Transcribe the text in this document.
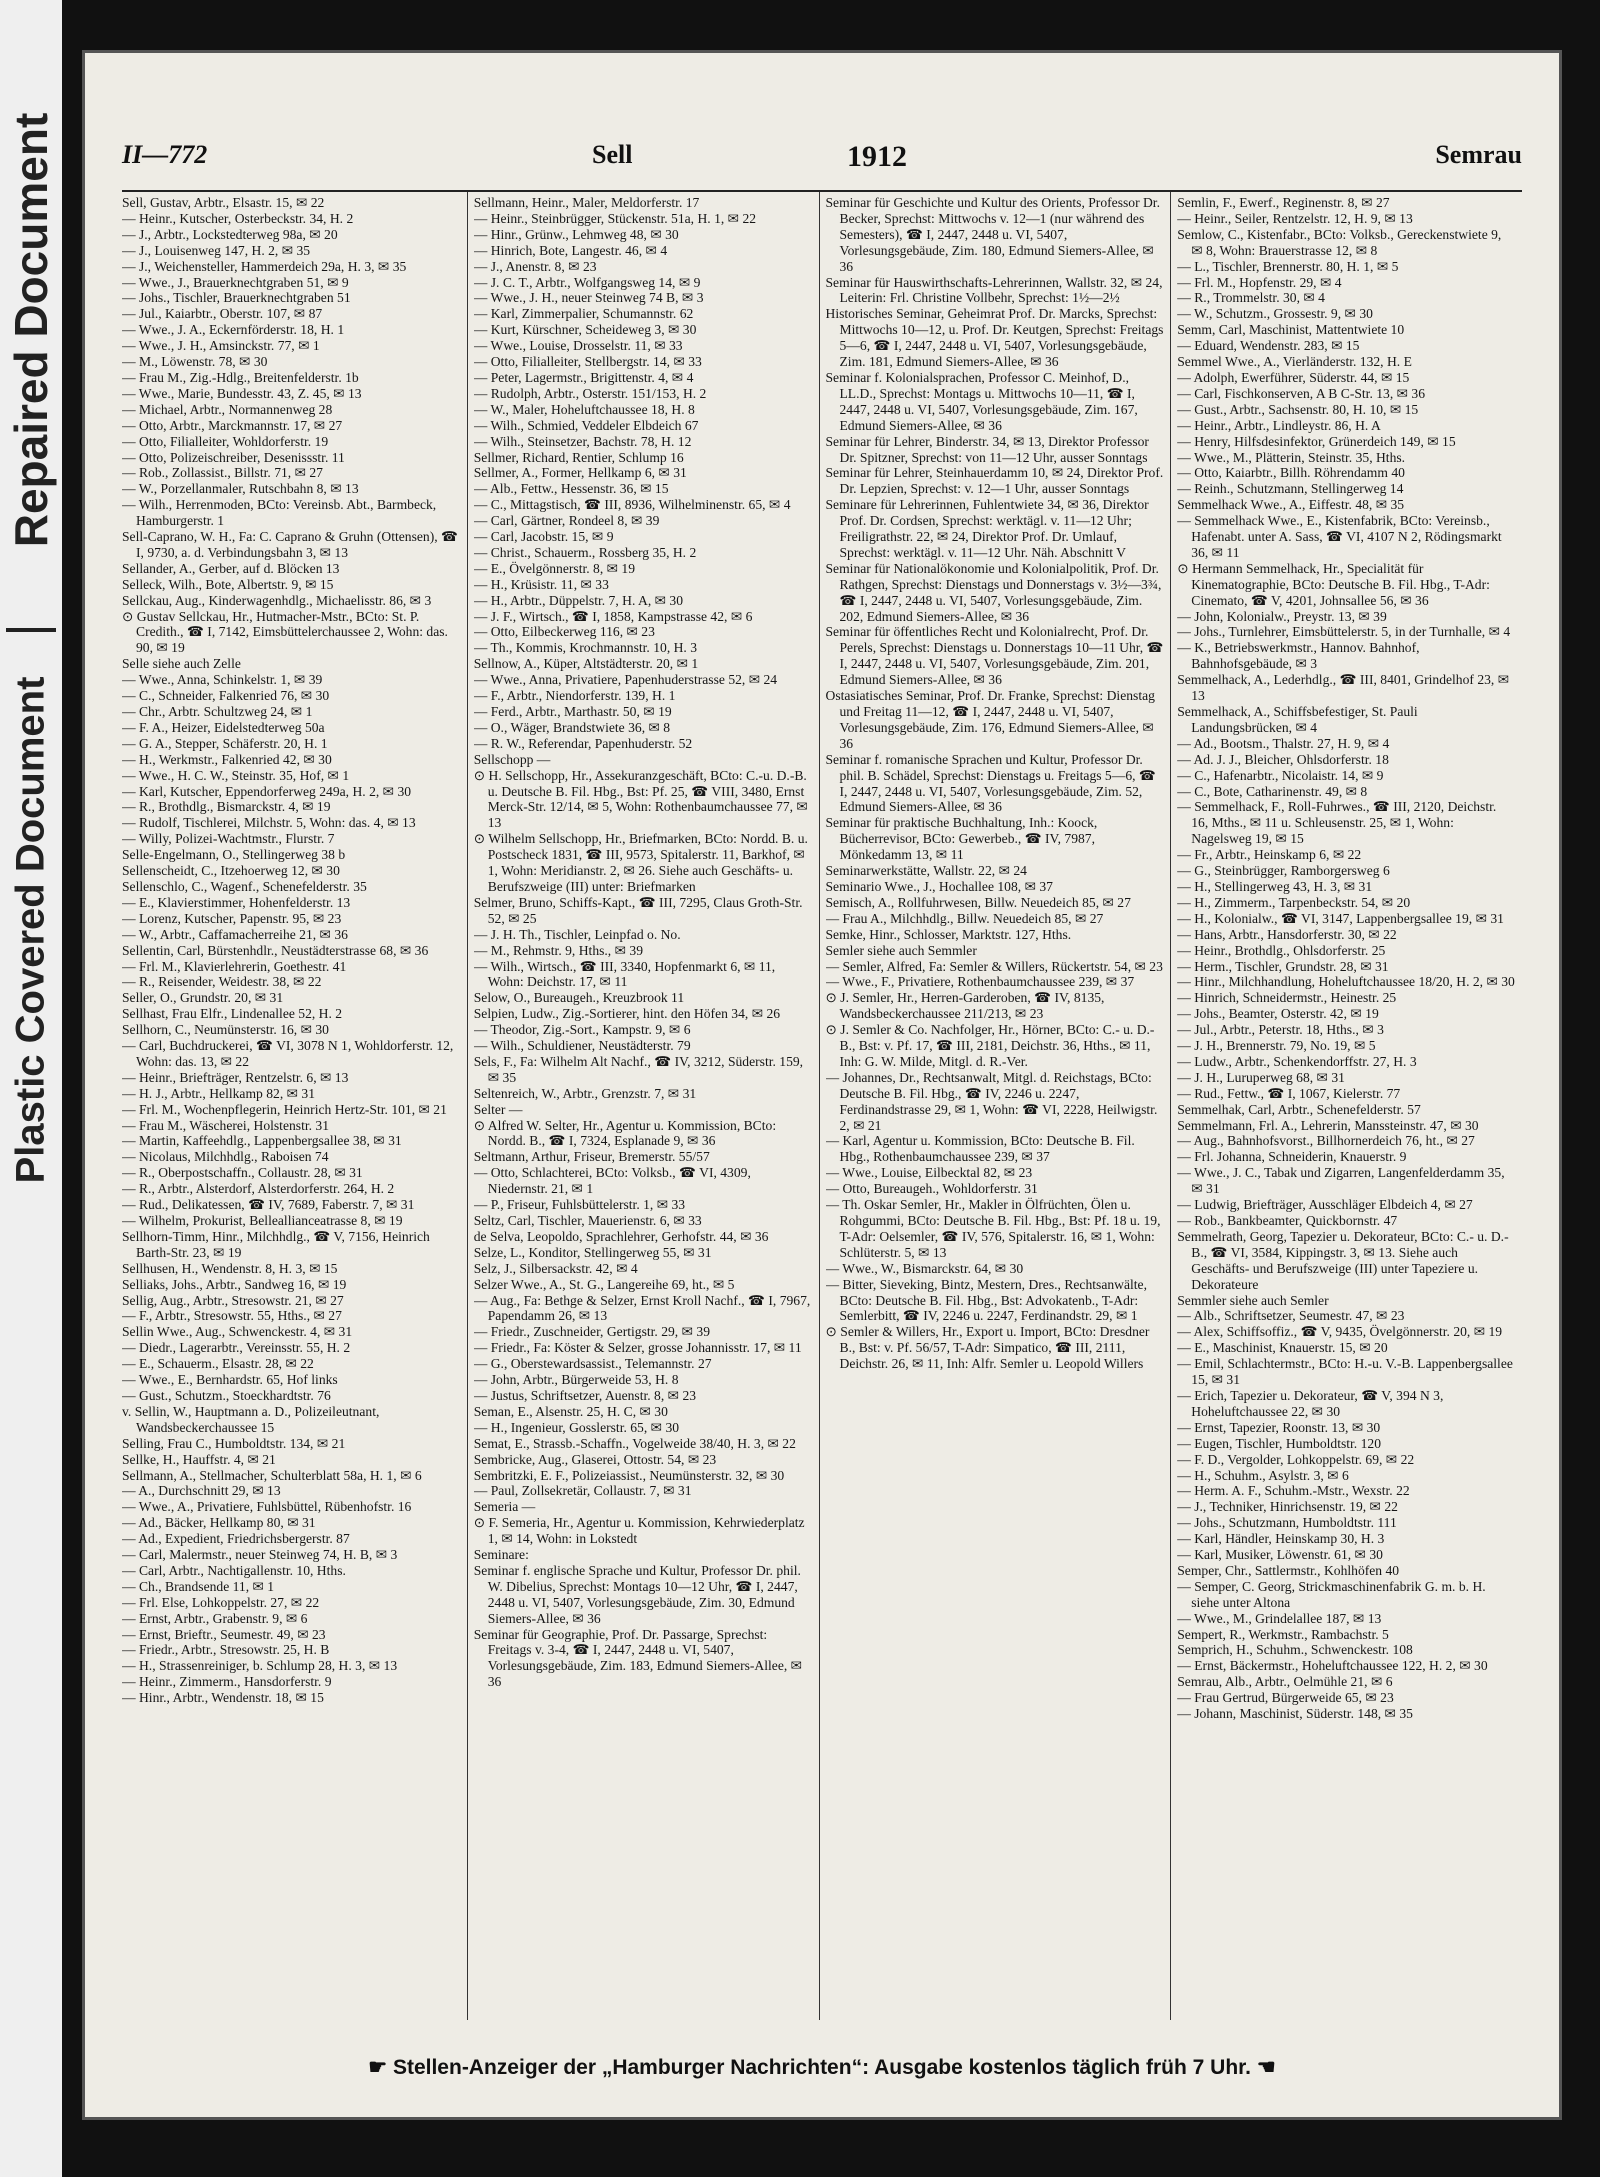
Repaired Document
Plastic Covered Document
II—772	Sell	1912	Semrau

Sell, Gustav, Arbtr., Elsastr. 15, ✉ 22

— Heinr., Kutscher, Osterbeckstr. 34, H. 2

— J., Arbtr., Lockstedterweg 98a, ✉ 20

— J., Louisenweg 147, H. 2, ✉ 35

— J., Weichensteller, Hammerdeich 29a, H. 3, ✉ 35

— Wwe., J., Brauerknechtgraben 51, ✉ 9

— Johs., Tischler, Brauerknechtgraben 51

— Jul., Kaiarbtr., Oberstr. 107, ✉ 87

— Wwe., J. A., Eckernförderstr. 18, H. 1

— Wwe., J. H., Amsinckstr. 77, ✉ 1

— M., Löwenstr. 78, ✉ 30

— Frau M., Zig.-Hdlg., Breitenfelderstr. 1b

— Wwe., Marie, Bundesstr. 43, Z. 45, ✉ 13

— Michael, Arbtr., Normannenweg 28

— Otto, Arbtr., Marckmannstr. 17, ✉ 27

— Otto, Filialleiter, Wohldorferstr. 19

— Otto, Polizeischreiber, Desenissstr. 11

— Rob., Zollassist., Billstr. 71, ✉ 27

— W., Porzellanmaler, Rutschbahn 8, ✉ 13

— Wilh., Herrenmoden, BCto: Vereinsb. Abt., Barmbeck, Hamburgerstr. 1

Sell-Caprano, W. H., Fa: C. Caprano & Gruhn (Ottensen), ☎ I, 9730, a. d. Verbindungsbahn 3, ✉ 13

Sellander, A., Gerber, auf d. Blöcken 13

Selleck, Wilh., Bote, Albertstr. 9, ✉ 15

Sellckau, Aug., Kinderwagenhdlg., Michaelisstr. 86, ✉ 3

⊙ Gustav Sellckau, Hr., Hutmacher-Mstr., BCto: St. P. Credith., ☎ I, 7142, Eimsbüttelerchaussee 2, Wohn: das. 90, ✉ 19

Selle siehe auch Zelle

— Wwe., Anna, Schinkelstr. 1, ✉ 39

— C., Schneider, Falkenried 76, ✉ 30

— Chr., Arbtr. Schultzweg 24, ✉ 1

— F. A., Heizer, Eidelstedterweg 50a

— G. A., Stepper, Schäferstr. 20, H. 1

— H., Werkmstr., Falkenried 42, ✉ 30

— Wwe., H. C. W., Steinstr. 35, Hof, ✉ 1

— Karl, Kutscher, Eppendorferweg 249a, H. 2, ✉ 30

— R., Brothdlg., Bismarckstr. 4, ✉ 19

— Rudolf, Tischlerei, Milchstr. 5, Wohn: das. 4, ✉ 13

— Willy, Polizei-Wachtmstr., Flurstr. 7

Selle-Engelmann, O., Stellingerweg 38 b

Sellenscheidt, C., Itzehoerweg 12, ✉ 30

Sellenschlo, C., Wagenf., Schenefelderstr. 35

— E., Klavierstimmer, Hohenfelderstr. 13

— Lorenz, Kutscher, Papenstr. 95, ✉ 23

— W., Arbtr., Caffamacherreihe 21, ✉ 36

Sellentin, Carl, Bürstenhdlr., Neustädterstrasse 68, ✉ 36

— Frl. M., Klavierlehrerin, Goethestr. 41

— R., Reisender, Weidestr. 38, ✉ 22

Seller, O., Grundstr. 20, ✉ 31

Sellhast, Frau Elfr., Lindenallee 52, H. 2

Sellhorn, C., Neumünsterstr. 16, ✉ 30

— Carl, Buchdruckerei, ☎ VI, 3078 N 1, Wohldorferstr. 12, Wohn: das. 13, ✉ 22

— Heinr., Briefträger, Rentzelstr. 6, ✉ 13

— H. J., Arbtr., Hellkamp 82, ✉ 31

— Frl. M., Wochenpflegerin, Heinrich Hertz-Str. 101, ✉ 21

— Frau M., Wäscherei, Holstenstr. 31

— Martin, Kaffeehdlg., Lappenbergsallee 38, ✉ 31

— Nicolaus, Milchhdlg., Raboisen 74

— R., Oberpostschaffn., Collaustr. 28, ✉ 31

— R., Arbtr., Alsterdorf, Alsterdorferstr. 264, H. 2

— Rud., Delikatessen, ☎ IV, 7689, Faberstr. 7, ✉ 31

— Wilhelm, Prokurist, Belleallianceatrasse 8, ✉ 19

Sellhorn-Timm, Hinr., Milchhdlg., ☎ V, 7156, Heinrich Barth-Str. 23, ✉ 19

Sellhusen, H., Wendenstr. 8, H. 3, ✉ 15

Selliaks, Johs., Arbtr., Sandweg 16, ✉ 19

Sellig, Aug., Arbtr., Stresowstr. 21, ✉ 27

— F., Arbtr., Stresowstr. 55, Hths., ✉ 27

Sellin Wwe., Aug., Schwenckestr. 4, ✉ 31

— Diedr., Lagerarbtr., Vereinsstr. 55, H. 2

— E., Schauerm., Elsastr. 28, ✉ 22

— Wwe., E., Bernhardstr. 65, Hof links

— Gust., Schutzm., Stoeckhardtstr. 76

v. Sellin, W., Hauptmann a. D., Polizeileutnant, Wandsbeckerchaussee 15

Selling, Frau C., Humboldtstr. 134, ✉ 21

Sellke, H., Hauffstr. 4, ✉ 21

Sellmann, A., Stellmacher, Schulterblatt 58a, H. 1, ✉ 6

— A., Durchschnitt 29, ✉ 13

— Wwe., A., Privatiere, Fuhlsbüttel, Rübenhofstr. 16

— Ad., Bäcker, Hellkamp 80, ✉ 31

— Ad., Expedient, Friedrichsbergerstr. 87

— Carl, Malermstr., neuer Steinweg 74, H. B, ✉ 3

— Carl, Arbtr., Nachtigallenstr. 10, Hths.

— Ch., Brandsende 11, ✉ 1

— Frl. Else, Lohkoppelstr. 27, ✉ 22

— Ernst, Arbtr., Grabenstr. 9, ✉ 6

— Ernst, Brieftr., Seumestr. 49, ✉ 23

— Friedr., Arbtr., Stresowstr. 25, H. B

— H., Strassenreiniger, b. Schlump 28, H. 3, ✉ 13

— Heinr., Zimmerm., Hansdorferstr. 9

— Hinr., Arbtr., Wendenstr. 18, ✉ 15

Sellmann, Heinr., Maler, Meldorferstr. 17

— Heinr., Steinbrügger, Stückenstr. 51a, H. 1, ✉ 22

— Hinr., Grünw., Lehmweg 48, ✉ 30

— Hinrich, Bote, Langestr. 46, ✉ 4

— J., Anenstr. 8, ✉ 23

— J. C. T., Arbtr., Wolfgangsweg 14, ✉ 9

— Wwe., J. H., neuer Steinweg 74 B, ✉ 3

— Karl, Zimmerpalier, Schumannstr. 62

— Kurt, Kürschner, Scheideweg 3, ✉ 30

— Wwe., Louise, Drosselstr. 11, ✉ 33

— Otto, Filialleiter, Stellbergstr. 14, ✉ 33

— Peter, Lagermstr., Brigittenstr. 4, ✉ 4

— Rudolph, Arbtr., Osterstr. 151/153, H. 2

— W., Maler, Hoheluftchaussee 18, H. 8

— Wilh., Schmied, Veddeler Elbdeich 67

— Wilh., Steinsetzer, Bachstr. 78, H. 12

Sellmer, Richard, Rentier, Schlump 16

Sellmer, A., Former, Hellkamp 6, ✉ 31

— Alb., Fettw., Hessenstr. 36, ✉ 15

— C., Mittagstisch, ☎ III, 8936, Wilhelminenstr. 65, ✉ 4

— Carl, Gärtner, Rondeel 8, ✉ 39

— Carl, Jacobstr. 15, ✉ 9

— Christ., Schauerm., Rossberg 35, H. 2

— E., Övelgönnerstr. 8, ✉ 19

— H., Krüsistr. 11, ✉ 33

— H., Arbtr., Düppelstr. 7, H. A, ✉ 30

— J. F., Wirtsch., ☎ I, 1858, Kampstrasse 42, ✉ 6

— Otto, Eilbeckerweg 116, ✉ 23

— Th., Kommis, Krochmannstr. 10, H. 3

Sellnow, A., Küper, Altstädterstr. 20, ✉ 1

— Wwe., Anna, Privatiere, Papenhuderstrasse 52, ✉ 24

— F., Arbtr., Niendorferstr. 139, H. 1

— Ferd., Arbtr., Marthastr. 50, ✉ 19

— O., Wäger, Brandstwiete 36, ✉ 8

— R. W., Referendar, Papenhuderstr. 52

Sellschopp —

⊙ H. Sellschopp, Hr., Assekuranzgeschäft, BCto: C.-u. D.-B. u. Deutsche B. Fil. Hbg., Bst: Pf. 25, ☎ VIII, 3480, Ernst Merck-Str. 12/14, ✉ 5, Wohn: Rothenbaumchaussee 77, ✉ 13

⊙ Wilhelm Sellschopp, Hr., Briefmarken, BCto: Nordd. B. u. Postscheck 1831, ☎ III, 9573, Spitalerstr. 11, Barkhof, ✉ 1, Wohn: Meridianstr. 2, ✉ 26. Siehe auch Geschäfts- u. Berufszweige (III) unter: Briefmarken

Selmer, Bruno, Schiffs-Kapt., ☎ III, 7295, Claus Groth-Str. 52, ✉ 25

— J. H. Th., Tischler, Leinpfad o. No.

— M., Rehmstr. 9, Hths., ✉ 39

— Wilh., Wirtsch., ☎ III, 3340, Hopfenmarkt 6, ✉ 11, Wohn: Deichstr. 17, ✉ 11

Selow, O., Bureaugeh., Kreuzbrook 11

Selpien, Ludw., Zig.-Sortierer, hint. den Höfen 34, ✉ 26

— Theodor, Zig.-Sort., Kampstr. 9, ✉ 6

— Wilh., Schuldiener, Neustädterstr. 79

Sels, F., Fa: Wilhelm Alt Nachf., ☎ IV, 3212, Süderstr. 159, ✉ 35

Seltenreich, W., Arbtr., Grenzstr. 7, ✉ 31

Selter —

⊙ Alfred W. Selter, Hr., Agentur u. Kommission, BCto: Nordd. B., ☎ I, 7324, Esplanade 9, ✉ 36

Seltmann, Arthur, Friseur, Bremerstr. 55/57

— Otto, Schlachterei, BCto: Volksb., ☎ VI, 4309, Niedernstr. 21, ✉ 1

— P., Friseur, Fuhlsbüttelerstr. 1, ✉ 33

Seltz, Carl, Tischler, Mauerienstr. 6, ✉ 33

de Selva, Leopoldo, Sprachlehrer, Gerhofstr. 44, ✉ 36

Selze, L., Konditor, Stellingerweg 55, ✉ 31

Selz, J., Silbersackstr. 42, ✉ 4

Selzer Wwe., A., St. G., Langereihe 69, ht., ✉ 5

— Aug., Fa: Bethge & Selzer, Ernst Kroll Nachf., ☎ I, 7967, Papendamm 26, ✉ 13

— Friedr., Zuschneider, Gertigstr. 29, ✉ 39

— Friedr., Fa: Köster & Selzer, grosse Johannisstr. 17, ✉ 11

— G., Oberstewardsassist., Telemannstr. 27

— John, Arbtr., Bürgerweide 53, H. 8

— Justus, Schriftsetzer, Auenstr. 8, ✉ 23

Seman, E., Alsenstr. 25, H. C, ✉ 30

— H., Ingenieur, Gosslerstr. 65, ✉ 30

Semat, E., Strassb.-Schaffn., Vogelweide 38/40, H. 3, ✉ 22

Sembricke, Aug., Glaserei, Ottostr. 54, ✉ 23

Sembritzki, E. F., Polizeiassist., Neumünsterstr. 32, ✉ 30

— Paul, Zollsekretär, Collaustr. 7, ✉ 31

Semeria —

⊙ F. Semeria, Hr., Agentur u. Kommission, Kehrwiederplatz 1, ✉ 14, Wohn: in Lokstedt

Seminare:

Seminar f. englische Sprache und Kultur, Professor Dr. phil. W. Dibelius, Sprechst: Montags 10—12 Uhr, ☎ I, 2447, 2448 u. VI, 5407, Vorlesungsgebäude, Zim. 30, Edmund Siemers-Allee, ✉ 36

Seminar für Geographie, Prof. Dr. Passarge, Sprechst: Freitags v. 3-4, ☎ I, 2447, 2448 u. VI, 5407, Vorlesungsgebäude, Zim. 183, Edmund Siemers-Allee, ✉ 36

Seminar für Geschichte und Kultur des Orients, Professor Dr. Becker, Sprechst: Mittwochs v. 12—1 (nur während des Semesters), ☎ I, 2447, 2448 u. VI, 5407, Vorlesungsgebäude, Zim. 180, Edmund Siemers-Allee, ✉ 36

Seminar für Hauswirthschafts-Lehrerinnen, Wallstr. 32, ✉ 24, Leiterin: Frl. Christine Vollbehr, Sprechst: 1½—2½

Historisches Seminar, Geheimrat Prof. Dr. Marcks, Sprechst: Mittwochs 10—12, u. Prof. Dr. Keutgen, Sprechst: Freitags 5—6, ☎ I, 2447, 2448 u. VI, 5407, Vorlesungsgebäude, Zim. 181, Edmund Siemers-Allee, ✉ 36

Seminar f. Kolonialsprachen, Professor C. Meinhof, D., LL.D., Sprechst: Montags u. Mittwochs 10—11, ☎ I, 2447, 2448 u. VI, 5407, Vorlesungsgebäude, Zim. 167, Edmund Siemers-Allee, ✉ 36

Seminar für Lehrer, Binderstr. 34, ✉ 13, Direktor Professor Dr. Spitzner, Sprechst: von 11—12 Uhr, ausser Sonntags

Seminar für Lehrer, Steinhauerdamm 10, ✉ 24, Direktor Prof. Dr. Lepzien, Sprechst: v. 12—1 Uhr, ausser Sonntags

Seminare für Lehrerinnen, Fuhlentwiete 34, ✉ 36, Direktor Prof. Dr. Cordsen, Sprechst: werktägl. v. 11—12 Uhr; Freiligrathstr. 22, ✉ 24, Direktor Prof. Dr. Umlauf, Sprechst: werktägl. v. 11—12 Uhr. Näh. Abschnitt V

Seminar für Nationalökonomie und Kolonialpolitik, Prof. Dr. Rathgen, Sprechst: Dienstags und Donnerstags v. 3½—3¾, ☎ I, 2447, 2448 u. VI, 5407, Vorlesungsgebäude, Zim. 202, Edmund Siemers-Allee, ✉ 36

Seminar für öffentliches Recht und Kolonialrecht, Prof. Dr. Perels, Sprechst: Dienstags u. Donnerstags 10—11 Uhr, ☎ I, 2447, 2448 u. VI, 5407, Vorlesungsgebäude, Zim. 201, Edmund Siemers-Allee, ✉ 36

Ostasiatisches Seminar, Prof. Dr. Franke, Sprechst: Dienstag und Freitag 11—12, ☎ I, 2447, 2448 u. VI, 5407, Vorlesungsgebäude, Zim. 176, Edmund Siemers-Allee, ✉ 36

Seminar f. romanische Sprachen und Kultur, Professor Dr. phil. B. Schädel, Sprechst: Dienstags u. Freitags 5—6, ☎ I, 2447, 2448 u. VI, 5407, Vorlesungsgebäude, Zim. 52, Edmund Siemers-Allee, ✉ 36

Seminar für praktische Buchhaltung, Inh.: Koock, Bücherrevisor, BCto: Gewerbeb., ☎ IV, 7987, Mönkedamm 13, ✉ 11

Seminarwerkstätte, Wallstr. 22, ✉ 24

Seminario Wwe., J., Hochallee 108, ✉ 37

Semisch, A., Rollfuhrwesen, Billw. Neuedeich 85, ✉ 27

— Frau A., Milchhdlg., Billw. Neuedeich 85, ✉ 27

Semke, Hinr., Schlosser, Marktstr. 127, Hths.

Semler siehe auch Semmler

— Semler, Alfred, Fa: Semler & Willers, Rückertstr. 54, ✉ 23

— Wwe., F., Privatiere, Rothenbaumchaussee 239, ✉ 37

⊙ J. Semler, Hr., Herren-Garderoben, ☎ IV, 8135, Wandsbeckerchaussee 211/213, ✉ 23

⊙ J. Semler & Co. Nachfolger, Hr., Hörner, BCto: C.- u. D.-B., Bst: v. Pf. 17, ☎ III, 2181, Deichstr. 36, Hths., ✉ 11, Inh: G. W. Milde, Mitgl. d. R.-Ver.

— Johannes, Dr., Rechtsanwalt, Mitgl. d. Reichstags, BCto: Deutsche B. Fil. Hbg., ☎ IV, 2246 u. 2247, Ferdinandstrasse 29, ✉ 1, Wohn: ☎ VI, 2228, Heilwigstr. 2, ✉ 21

— Karl, Agentur u. Kommission, BCto: Deutsche B. Fil. Hbg., Rothenbaumchaussee 239, ✉ 37

— Wwe., Louise, Eilbecktal 82, ✉ 23

— Otto, Bureaugeh., Wohldorferstr. 31

— Th. Oskar Semler, Hr., Makler in Ölfrüchten, Ölen u. Rohgummi, BCto: Deutsche B. Fil. Hbg., Bst: Pf. 18 u. 19, T-Adr: Oelsemler, ☎ IV, 576, Spitalerstr. 16, ✉ 1, Wohn: Schlüterstr. 5, ✉ 13

— Wwe., W., Bismarckstr. 64, ✉ 30

— Bitter, Sieveking, Bintz, Mestern, Dres., Rechtsanwälte, BCto: Deutsche B. Fil. Hbg., Bst: Advokatenb., T-Adr: Semlerbitt, ☎ IV, 2246 u. 2247, Ferdinandstr. 29, ✉ 1

⊙ Semler & Willers, Hr., Export u. Import, BCto: Dresdner B., Bst: v. Pf. 56/57, T-Adr: Simpatico, ☎ III, 2111, Deichstr. 26, ✉ 11, Inh: Alfr. Semler u. Leopold Willers

Semlin, F., Ewerf., Reginenstr. 8, ✉ 27

— Heinr., Seiler, Rentzelstr. 12, H. 9, ✉ 13

Semlow, C., Kistenfabr., BCto: Volksb., Gereckenstwiete 9, ✉ 8, Wohn: Brauerstrasse 12, ✉ 8

— L., Tischler, Brennerstr. 80, H. 1, ✉ 5

— Frl. M., Hopfenstr. 29, ✉ 4

— R., Trommelstr. 30, ✉ 4

— W., Schutzm., Grossestr. 9, ✉ 30

Semm, Carl, Maschinist, Mattentwiete 10

— Eduard, Wendenstr. 283, ✉ 15

Semmel Wwe., A., Vierländerstr. 132, H. E

— Adolph, Ewerführer, Süderstr. 44, ✉ 15

— Carl, Fischkonserven, A B C-Str. 13, ✉ 36

— Gust., Arbtr., Sachsenstr. 80, H. 10, ✉ 15

— Heinr., Arbtr., Lindleystr. 86, H. A

— Henry, Hilfsdesinfektor, Grünerdeich 149, ✉ 15

— Wwe., M., Plätterin, Steinstr. 35, Hths.

— Otto, Kaiarbtr., Billh. Röhrendamm 40

— Reinh., Schutzmann, Stellingerweg 14

Semmelhack Wwe., A., Eiffestr. 48, ✉ 35

— Semmelhack Wwe., E., Kistenfabrik, BCto: Vereinsb., Hafenabt. unter A. Sass, ☎ VI, 4107 N 2, Rödingsmarkt 36, ✉ 11

⊙ Hermann Semmelhack, Hr., Specialität für Kinematographie, BCto: Deutsche B. Fil. Hbg., T-Adr: Cinemato, ☎ V, 4201, Johnsallee 56, ✉ 36

— John, Kolonialw., Preystr. 13, ✉ 39

— Johs., Turnlehrer, Eimsbüttelerstr. 5, in der Turnhalle, ✉ 4

— K., Betriebswerkmstr., Hannov. Bahnhof, Bahnhofsgebäude, ✉ 3

Semmelhack, A., Lederhdlg., ☎ III, 8401, Grindelhof 23, ✉ 13

Semmelhack, A., Schiffsbefestiger, St. Pauli Landungsbrücken, ✉ 4

— Ad., Bootsm., Thalstr. 27, H. 9, ✉ 4

— Ad. J. J., Bleicher, Ohlsdorferstr. 18

— C., Hafenarbtr., Nicolaistr. 14, ✉ 9

— C., Bote, Catharinenstr. 49, ✉ 8

— Semmelhack, F., Roll-Fuhrwes., ☎ III, 2120, Deichstr. 16, Mths., ✉ 11 u. Schleusenstr. 25, ✉ 1, Wohn: Nagelsweg 19, ✉ 15

— Fr., Arbtr., Heinskamp 6, ✉ 22

— G., Steinbrügger, Ramborgersweg 6

— H., Stellingerweg 43, H. 3, ✉ 31

— H., Zimmerm., Tarpenbeckstr. 54, ✉ 20

— H., Kolonialw., ☎ VI, 3147, Lappenbergsallee 19, ✉ 31

— Hans, Arbtr., Hansdorferstr. 30, ✉ 22

— Heinr., Brothdlg., Ohlsdorferstr. 25

— Herm., Tischler, Grundstr. 28, ✉ 31

— Hinr., Milchhandlung, Hoheluftchaussee 18/20, H. 2, ✉ 30

— Hinrich, Schneidermstr., Heinestr. 25

— Johs., Beamter, Osterstr. 42, ✉ 19

— Jul., Arbtr., Peterstr. 18, Hths., ✉ 3

— J. H., Brennerstr. 79, No. 19, ✉ 5

— Ludw., Arbtr., Schenkendorffstr. 27, H. 3

— J. H., Luruperweg 68, ✉ 31

— Rud., Fettw., ☎ I, 1067, Kielerstr. 77

Semmelhak, Carl, Arbtr., Schenefelderstr. 57

Semmelmann, Frl. A., Lehrerin, Manssteinstr. 47, ✉ 30

— Aug., Bahnhofsvorst., Billhornerdeich 76, ht., ✉ 27

— Frl. Johanna, Schneiderin, Knauerstr. 9

— Wwe., J. C., Tabak und Zigarren, Langenfelderdamm 35, ✉ 31

— Ludwig, Briefträger, Ausschläger Elbdeich 4, ✉ 27

— Rob., Bankbeamter, Quickbornstr. 47

Semmelrath, Georg, Tapezier u. Dekorateur, BCto: C.- u. D.-B., ☎ VI, 3584, Kippingstr. 3, ✉ 13. Siehe auch Geschäfts- und Berufszweige (III) unter Tapeziere u. Dekorateure

Semmler siehe auch Semler

— Alb., Schriftsetzer, Seumestr. 47, ✉ 23

— Alex, Schiffsoffiz., ☎ V, 9435, Övelgönnerstr. 20, ✉ 19

— E., Maschinist, Knauerstr. 15, ✉ 20

— Emil, Schlachtermstr., BCto: H.-u. V.-B. Lappenbergsallee 15, ✉ 31

— Erich, Tapezier u. Dekorateur, ☎ V, 394 N 3, Hoheluftchaussee 22, ✉ 30

— Ernst, Tapezier, Roonstr. 13, ✉ 30

— Eugen, Tischler, Humboldtstr. 120

— F. D., Vergolder, Lohkoppelstr. 69, ✉ 22

— H., Schuhm., Asylstr. 3, ✉ 6

— Herm. A. F., Schuhm.-Mstr., Wexstr. 22

— J., Techniker, Hinrichsenstr. 19, ✉ 22

— Johs., Schutzmann, Humboldtstr. 111

— Karl, Händler, Heinskamp 30, H. 3

— Karl, Musiker, Löwenstr. 61, ✉ 30

Semper, Chr., Sattlermstr., Kohlhöfen 40

— Semper, C. Georg, Strickmaschinenfabrik G. m. b. H. siehe unter Altona

— Wwe., M., Grindelallee 187, ✉ 13

Sempert, R., Werkmstr., Rambachstr. 5

Semprich, H., Schuhm., Schwenckestr. 108

— Ernst, Bäckermstr., Hoheluftchaussee 122, H. 2, ✉ 30

Semrau, Alb., Arbtr., Oelmühle 21, ✉ 6

— Frau Gertrud, Bürgerweide 65, ✉ 23

— Johann, Maschinist, Süderstr. 148, ✉ 35

☛ Stellen-Anzeiger der „Hamburger Nachrichten“: Ausgabe kostenlos täglich früh 7 Uhr. ☚
